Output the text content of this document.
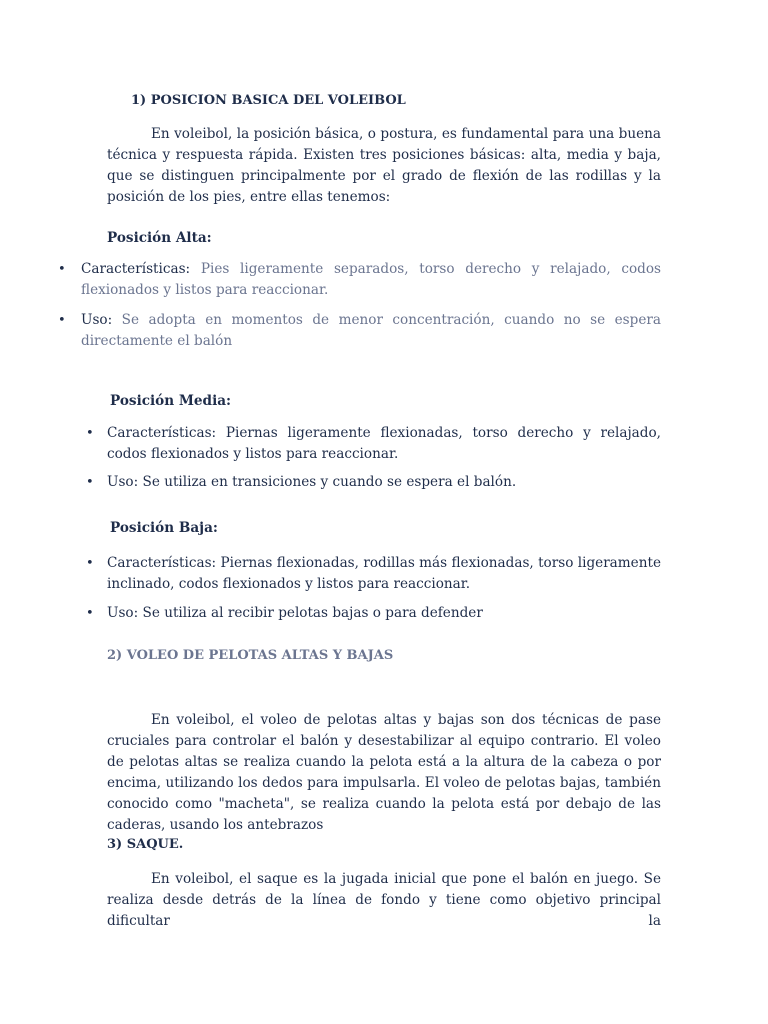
1) POSICION BASICA DEL VOLEIBOL
En voleibol, la posición básica, o postura, es fundamental para una buena técnica y respuesta rápida. Existen tres posiciones básicas: alta, media y baja, que se distinguen principalmente por el grado de flexión de las rodillas y la posición de los pies, entre ellas tenemos:
Posición Alta:
• Características: Pies ligeramente separados, torso derecho y relajado, codos flexionados y listos para reaccionar.
• Uso: Se adopta en momentos de menor concentración, cuando no se espera directamente el balón
Posición Media:
• Características: Piernas ligeramente flexionadas, torso derecho y relajado, codos flexionados y listos para reaccionar.
• Uso: Se utiliza en transiciones y cuando se espera el balón.
Posición Baja:
• Características: Piernas flexionadas, rodillas más flexionadas, torso ligeramente inclinado, codos flexionados y listos para reaccionar.
• Uso: Se utiliza al recibir pelotas bajas o para defender
2) VOLEO DE PELOTAS ALTAS Y BAJAS
En voleibol, el voleo de pelotas altas y bajas son dos técnicas de pase cruciales para controlar el balón y desestabilizar al equipo contrario. El voleo de pelotas altas se realiza cuando la pelota está a la altura de la cabeza o por encima, utilizando los dedos para impulsarla. El voleo de pelotas bajas, también conocido como "macheta", se realiza cuando la pelota está por debajo de las caderas, usando los antebrazos
3) SAQUE.
En voleibol, el saque es la jugada inicial que pone el balón en juego. Se realiza desde detrás de la línea de fondo y tiene como objetivo principal dificultar la
